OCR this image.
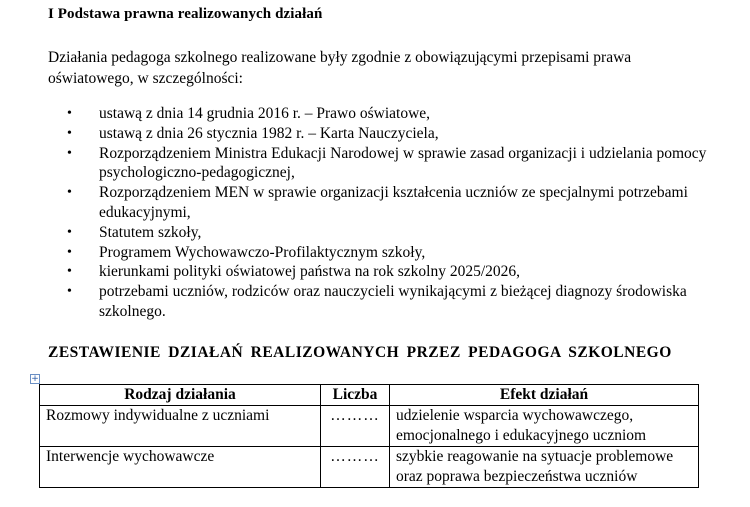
I Podstawa prawna realizowanych działań
Działania pedagoga szkolnego realizowane były zgodnie z obowiązującymi przepisami prawa oświatowego, w szczególności:
• ustawą z dnia 14 grudnia 2016 r. – Prawo oświatowe,
• ustawą z dnia 26 stycznia 1982 r. – Karta Nauczyciela,
• Rozporządzeniem Ministra Edukacji Narodowej w sprawie zasad organizacji i udzielania pomocy psychologiczno-pedagogicznej,
• Rozporządzeniem MEN w sprawie organizacji kształcenia uczniów ze specjalnymi potrzebami edukacyjnymi,
• Statutem szkoły,
• Programem Wychowawczo-Profilaktycznym szkoły,
• kierunkami polityki oświatowej państwa na rok szkolny 2025/2026,
• potrzebami uczniów, rodziców oraz nauczycieli wynikającymi z bieżącej diagnozy środowiska szkolnego.
ZESTAWIENIE DZIAŁAŃ REALIZOWANYCH PRZEZ PEDAGOGA SZKOLNEGO
+
Rodzaj działania	Liczba	Efekt działań
Rozmowy indywidualne z uczniami	………	udzielenie wsparcia wychowawczego, emocjonalnego i edukacyjnego uczniom
Interwencje wychowawcze	………	szybkie reagowanie na sytuacje problemowe oraz poprawa bezpieczeństwa uczniów
